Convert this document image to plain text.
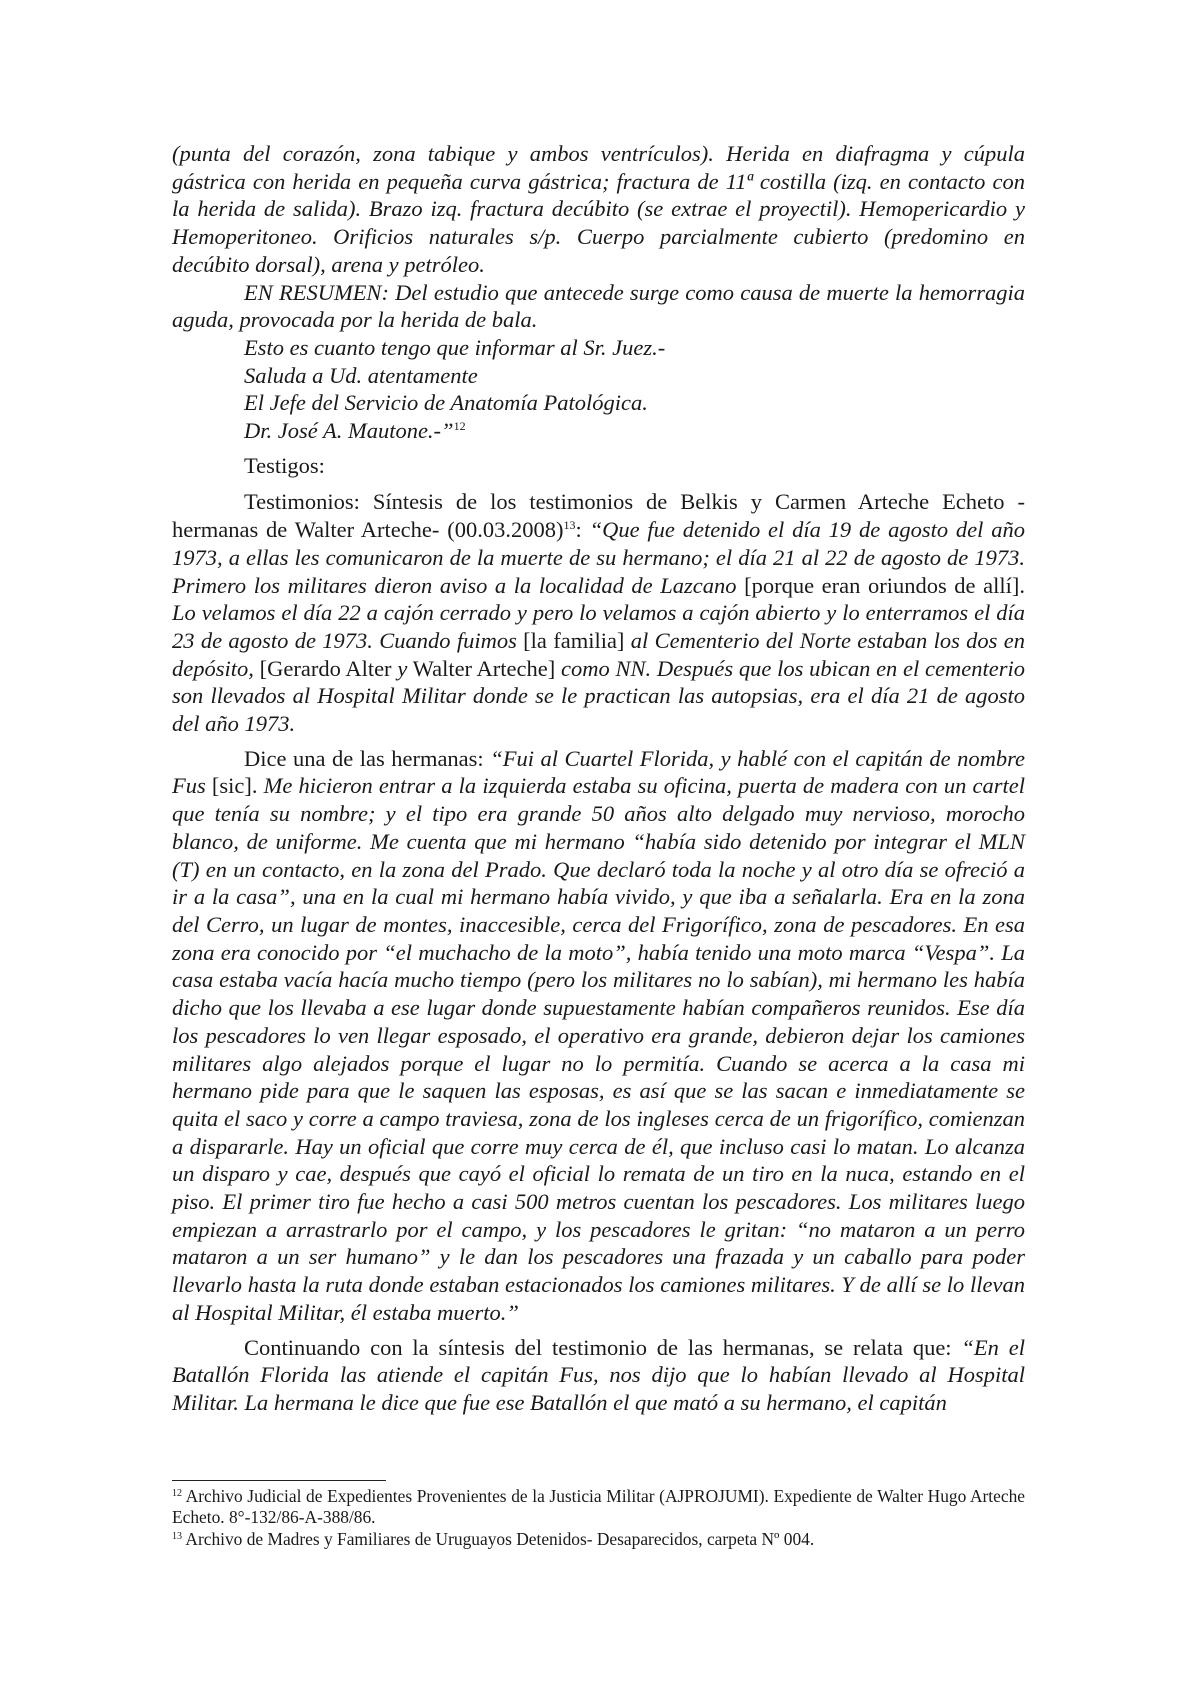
(punta del corazón, zona tabique y ambos ventrículos). Herida en diafragma y cúpula gástrica con herida en pequeña curva gástrica; fractura de 11ª costilla (izq. en contacto con la herida de salida). Brazo izq. fractura decúbito (se extrae el proyectil). Hemopericardio y Hemoperitoneo. Orificios naturales s/p. Cuerpo parcialmente cubierto (predomino en decúbito dorsal), arena y petróleo.

EN RESUMEN: Del estudio que antecede surge como causa de muerte la hemorragia aguda, provocada por la herida de bala.

Esto es cuanto tengo que informar al Sr. Juez.-

Saluda a Ud. atentamente

El Jefe del Servicio de Anatomía Patológica.

Dr. José A. Mautone.-”$^{12}$

Testigos:

Testimonios: Síntesis de los testimonios de Belkis y Carmen Arteche Echeto -hermanas de Walter Arteche- $(00.03.2008)^{13}$: “Que fue detenido el día 19 de agosto del año 1973, a ellas les comunicaron de la muerte de su hermano; el día 21 al 22 de agosto de 1973. Primero los militares dieron aviso a la localidad de Lazcano [porque eran oriundos de allí]. Lo velamos el día 22 a cajón cerrado y pero lo velamos a cajón abierto y lo enterramos el día 23 de agosto de 1973. Cuando fuimos [la familia] al Cementerio del Norte estaban los dos en depósito, [Gerardo Alter y Walter Arteche] como NN. Después que los ubican en el cementerio son llevados al Hospital Militar donde se le practican las autopsias, era el día 21 de agosto del año 1973.

Dice una de las hermanas: “Fui al Cuartel Florida, y hablé con el capitán de nombre Fus [sic]. Me hicieron entrar a la izquierda estaba su oficina, puerta de madera con un cartel que tenía su nombre; y el tipo era grande 50 años alto delgado muy nervioso, morocho blanco, de uniforme. Me cuenta que mi hermano “había sido detenido por integrar el MLN (T) en un contacto, en la zona del Prado. Que declaró toda la noche y al otro día se ofreció a ir a la casa”, una en la cual mi hermano había vivido, y que iba a señalarla. Era en la zona del Cerro, un lugar de montes, inaccesible, cerca del Frigorífico, zona de pescadores. En esa zona era conocido por “el muchacho de la moto”, había tenido una moto marca “Vespa”. La casa estaba vacía hacía mucho tiempo (pero los militares no lo sabían), mi hermano les había dicho que los llevaba a ese lugar donde supuestamente habían compañeros reunidos. Ese día los pescadores lo ven llegar esposado, el operativo era grande, debieron dejar los camiones militares algo alejados porque el lugar no lo permitía. Cuando se acerca a la casa mi hermano pide para que le saquen las esposas, es así que se las sacan e inmediatamente se quita el saco y corre a campo traviesa, zona de los ingleses cerca de un frigorífico, comienzan a dispararle. Hay un oficial que corre muy cerca de él, que incluso casi lo matan. Lo alcanza un disparo y cae, después que cayó el oficial lo remata de un tiro en la nuca, estando en el piso. El primer tiro fue hecho a casi 500 metros cuentan los pescadores. Los militares luego empiezan a arrastrarlo por el campo, y los pescadores le gritan: “no mataron a un perro mataron a un ser humano” y le dan los pescadores una frazada y un caballo para poder llevarlo hasta la ruta donde estaban estacionados los camiones militares. Y de allí se lo llevan al Hospital Militar, él estaba muerto.”

Continuando con la síntesis del testimonio de las hermanas, se relata que: “En el Batallón Florida las atiende el capitán Fus, nos dijo que lo habían llevado al Hospital Militar. La hermana le dice que fue ese Batallón el que mató a su hermano, el capitán

$^{12}$ Archivo Judicial de Expedientes Provenientes de la Justicia Militar (AJPROJUMI). Expediente de Walter Hugo Arteche Echeto. 8°-132/86-A-388/86.

$^{13}$ Archivo de Madres y Familiares de Uruguayos Detenidos- Desaparecidos, carpeta Nº 004.
